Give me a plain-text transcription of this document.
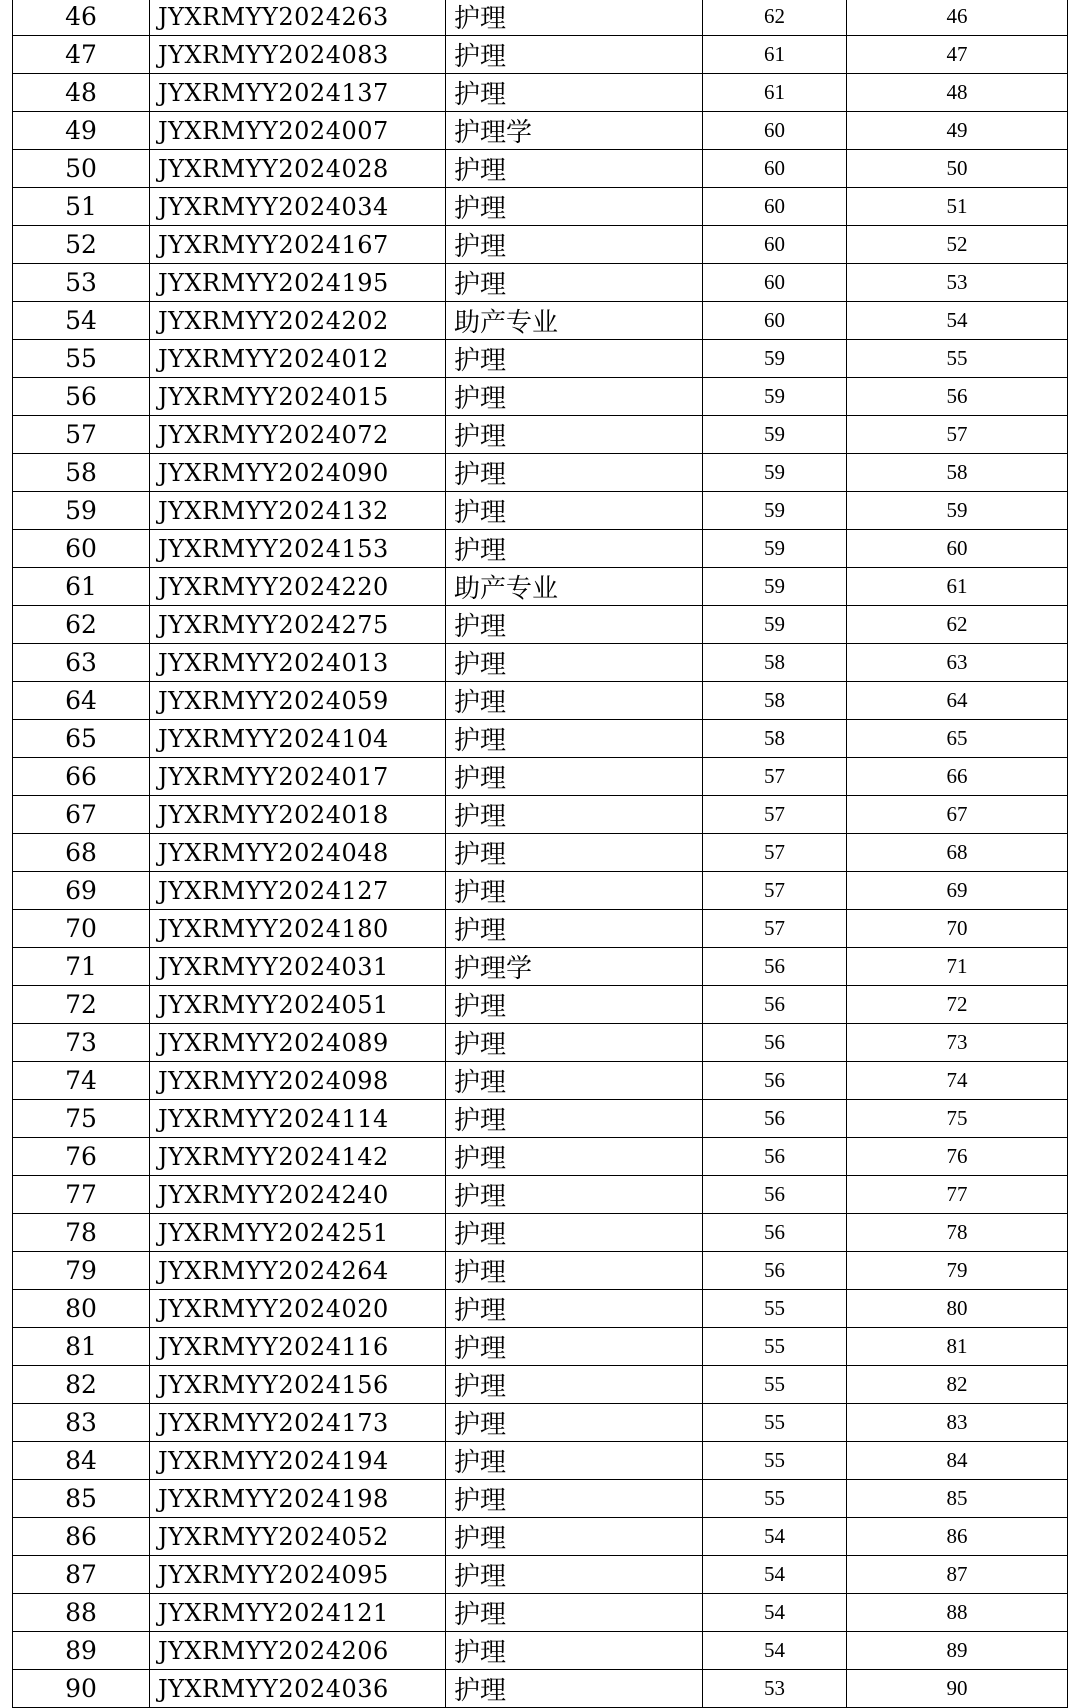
46	JYXRMYY2024263	护理	62	46
47	JYXRMYY2024083	护理	61	47
48	JYXRMYY2024137	护理	61	48
49	JYXRMYY2024007	护理学	60	49
50	JYXRMYY2024028	护理	60	50
51	JYXRMYY2024034	护理	60	51
52	JYXRMYY2024167	护理	60	52
53	JYXRMYY2024195	护理	60	53
54	JYXRMYY2024202	助产专业	60	54
55	JYXRMYY2024012	护理	59	55
56	JYXRMYY2024015	护理	59	56
57	JYXRMYY2024072	护理	59	57
58	JYXRMYY2024090	护理	59	58
59	JYXRMYY2024132	护理	59	59
60	JYXRMYY2024153	护理	59	60
61	JYXRMYY2024220	助产专业	59	61
62	JYXRMYY2024275	护理	59	62
63	JYXRMYY2024013	护理	58	63
64	JYXRMYY2024059	护理	58	64
65	JYXRMYY2024104	护理	58	65
66	JYXRMYY2024017	护理	57	66
67	JYXRMYY2024018	护理	57	67
68	JYXRMYY2024048	护理	57	68
69	JYXRMYY2024127	护理	57	69
70	JYXRMYY2024180	护理	57	70
71	JYXRMYY2024031	护理学	56	71
72	JYXRMYY2024051	护理	56	72
73	JYXRMYY2024089	护理	56	73
74	JYXRMYY2024098	护理	56	74
75	JYXRMYY2024114	护理	56	75
76	JYXRMYY2024142	护理	56	76
77	JYXRMYY2024240	护理	56	77
78	JYXRMYY2024251	护理	56	78
79	JYXRMYY2024264	护理	56	79
80	JYXRMYY2024020	护理	55	80
81	JYXRMYY2024116	护理	55	81
82	JYXRMYY2024156	护理	55	82
83	JYXRMYY2024173	护理	55	83
84	JYXRMYY2024194	护理	55	84
85	JYXRMYY2024198	护理	55	85
86	JYXRMYY2024052	护理	54	86
87	JYXRMYY2024095	护理	54	87
88	JYXRMYY2024121	护理	54	88
89	JYXRMYY2024206	护理	54	89
90	JYXRMYY2024036	护理	53	90
